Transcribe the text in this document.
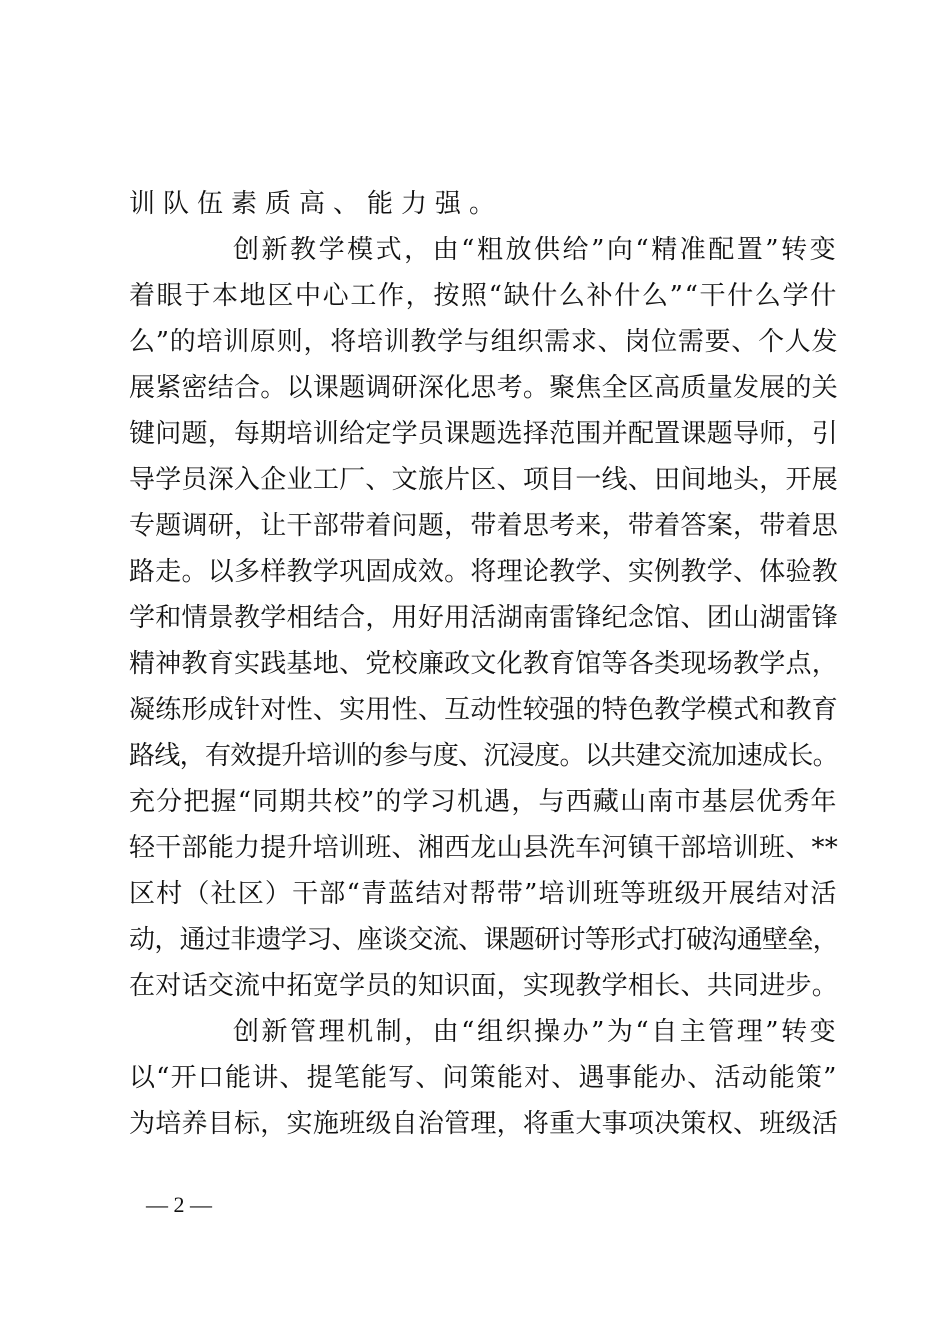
训队伍素质高、能力强。
创新教学模式，由“粗放供给”向“精准配置”转变
着眼于本地区中心工作，按照“缺什么补什么”“干什么学什
么”的培训原则，将培训教学与组织需求、岗位需要、个人发
展紧密结合。以课题调研深化思考。聚焦全区高质量发展的关
键问题，每期培训给定学员课题选择范围并配置课题导师，引
导学员深入企业工厂、文旅片区、项目一线、田间地头，开展
专题调研，让干部带着问题，带着思考来，带着答案，带着思
路走。以多样教学巩固成效。将理论教学、实例教学、体验教
学和情景教学相结合，用好用活湖南雷锋纪念馆、团山湖雷锋
精神教育实践基地、党校廉政文化教育馆等各类现场教学点，
凝练形成针对性、实用性、互动性较强的特色教学模式和教育
路线，有效提升培训的参与度、沉浸度。以共建交流加速成长。
充分把握“同期共校”的学习机遇，与西藏山南市基层优秀年
轻干部能力提升培训班、湘西龙山县洗车河镇干部培训班、**
区村（社区）干部“青蓝结对帮带”培训班等班级开展结对活
动，通过非遗学习、座谈交流、课题研讨等形式打破沟通壁垒，
在对话交流中拓宽学员的知识面，实现教学相长、共同进步。
创新管理机制，由“组织操办”为“自主管理”转变
以“开口能讲、提笔能写、问策能对、遇事能办、活动能策”
为培养目标，实施班级自治管理，将重大事项决策权、班级活
— 2 —
